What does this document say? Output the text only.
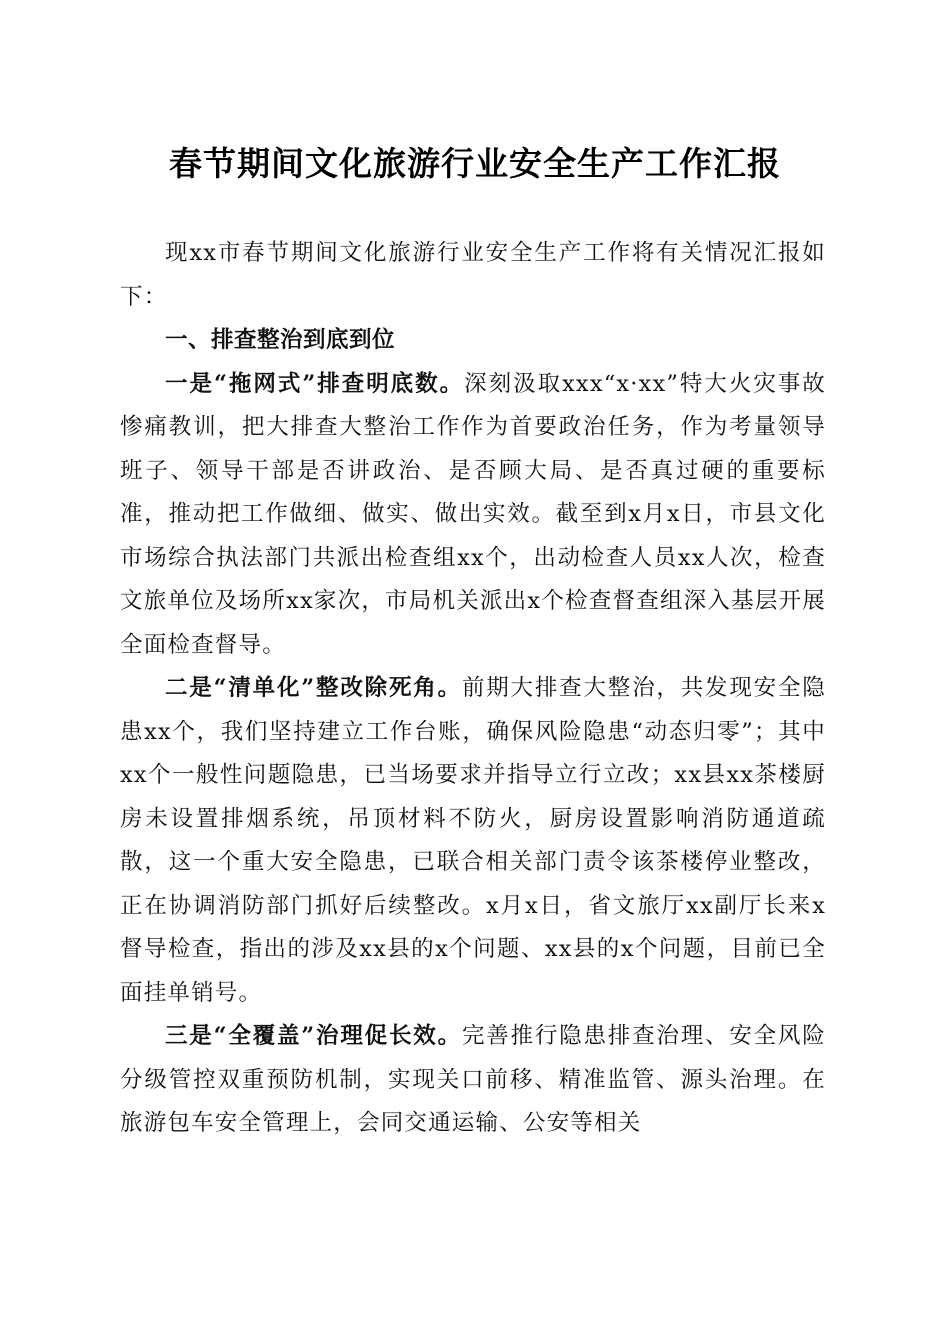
春节期间文化旅游行业安全生产工作汇报

现xx市春节期间文化旅游行业安全生产工作将有关情况汇报如下：

一、排查整治到底到位

一是“拖网式”排查明底数。深刻汲取xxx“x·xx”特大火灾事故惨痛教训，把大排查大整治工作作为首要政治任务，作为考量领导班子、领导干部是否讲政治、是否顾大局、是否真过硬的重要标准，推动把工作做细、做实、做出实效。截至到x月x日，市县文化市场综合执法部门共派出检查组xx个，出动检查人员xx人次，检查文旅单位及场所xx家次，市局机关派出x个检查督查组深入基层开展全面检查督导。

二是“清单化”整改除死角。前期大排查大整治，共发现安全隐患xx个，我们坚持建立工作台账，确保风险隐患“动态归零”；其中xx个一般性问题隐患，已当场要求并指导立行立改；xx县xx茶楼厨房未设置排烟系统，吊顶材料不防火，厨房设置影响消防通道疏散，这一个重大安全隐患，已联合相关部门责令该茶楼停业整改，正在协调消防部门抓好后续整改。x月x日，省文旅厅xx副厅长来x督导检查，指出的涉及xx县的x个问题、xx县的x个问题，目前已全面挂单销号。

三是“全覆盖”治理促长效。完善推行隐患排查治理、安全风险分级管控双重预防机制，实现关口前移、精准监管、源头治理。在旅游包车安全管理上，会同交通运输、公安等相关
